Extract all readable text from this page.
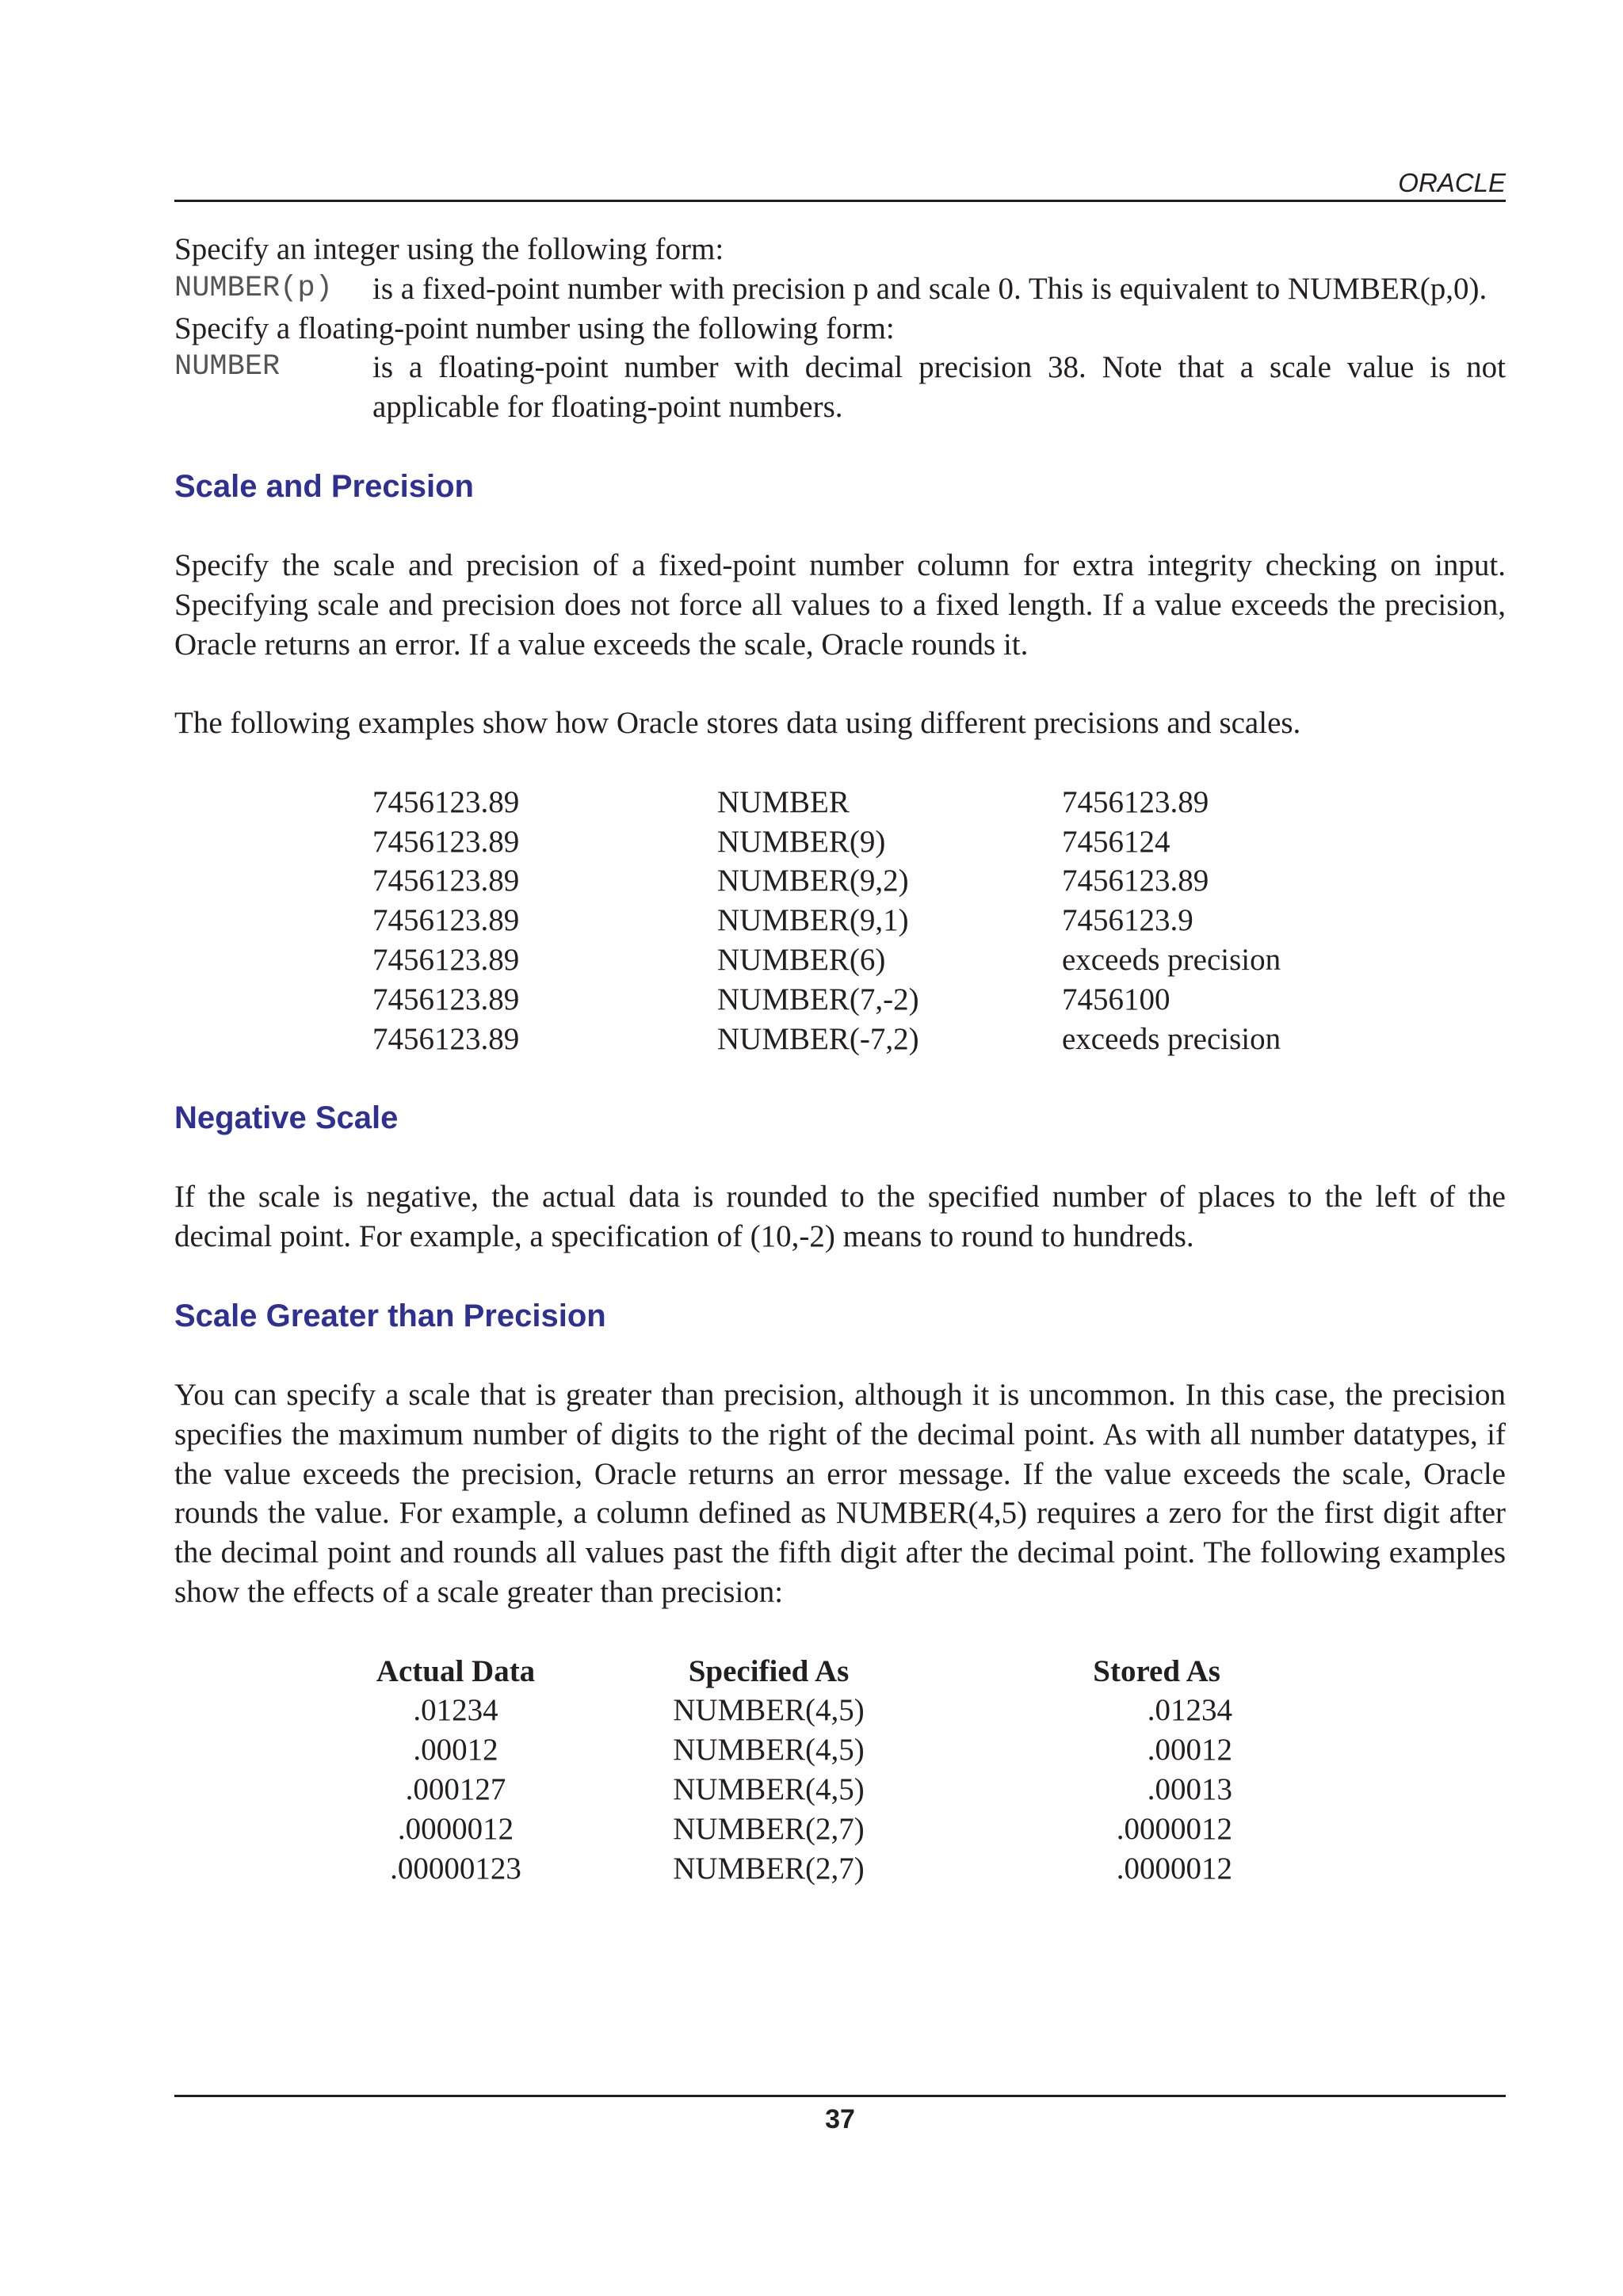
ORACLE
Specify an integer using the following form:
NUMBER(p)	is a fixed-point number with precision p and scale 0. This is equivalent to NUMBER(p,0).
Specify a floating-point number using the following form:
NUMBER	is a floating-point number with decimal precision 38. Note that a scale value is not applicable for floating-point numbers.
Scale and Precision
Specify the scale and precision of a fixed-point number column for extra integrity checking on input. Specifying scale and precision does not force all values to a fixed length. If a value exceeds the precision, Oracle returns an error. If a value exceeds the scale, Oracle rounds it.
The following examples show how Oracle stores data using different precisions and scales.
7456123.89	NUMBER	7456123.89
7456123.89	NUMBER(9)	7456124
7456123.89	NUMBER(9,2)	7456123.89
7456123.89	NUMBER(9,1)	7456123.9
7456123.89	NUMBER(6)	exceeds precision
7456123.89	NUMBER(7,-2)	7456100
7456123.89	NUMBER(-7,2)	exceeds precision
Negative Scale
If the scale is negative, the actual data is rounded to the specified number of places to the left of the decimal point. For example, a specification of (10,-2) means to round to hundreds.
Scale Greater than Precision
You can specify a scale that is greater than precision, although it is uncommon. In this case, the precision specifies the maximum number of digits to the right of the decimal point. As with all number datatypes, if the value exceeds the precision, Oracle returns an error message. If the value exceeds the scale, Oracle rounds the value. For example, a column defined as NUMBER(4,5) requires a zero for the first digit after the decimal point and rounds all values past the fifth digit after the decimal point. The following examples show the effects of a scale greater than precision:
Actual Data	Specified As	Stored As
.01234	NUMBER(4,5)	.01234
.00012	NUMBER(4,5)	.00012
.000127	NUMBER(4,5)	.00013
.0000012	NUMBER(2,7)	.0000012
.00000123	NUMBER(2,7)	.0000012
37
